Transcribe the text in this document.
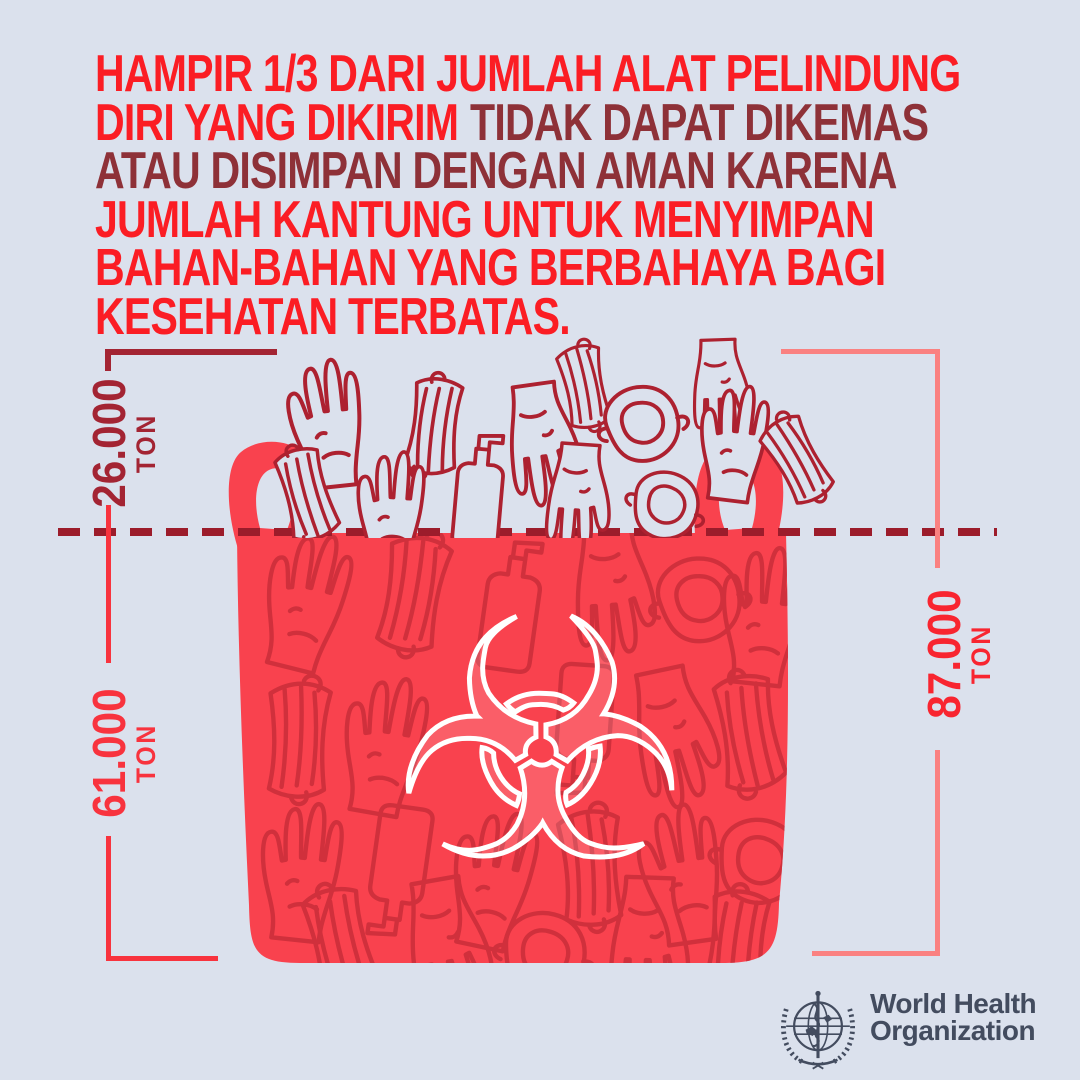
HAMPIR 1/3 DARI JUMLAH ALAT PELINDUNG
DIRI YANG DIKIRIM TIDAK DAPAT DIKEMAS
ATAU DISIMPAN DENGAN AMAN KARENA
JUMLAH KANTUNG UNTUK MENYIMPAN
BAHAN-BAHAN YANG BERBAHAYA BAGI
KESEHATAN TERBATAS.
☣
26.000
TON
61.000
TON
87.000
TON
World Health
Organization
